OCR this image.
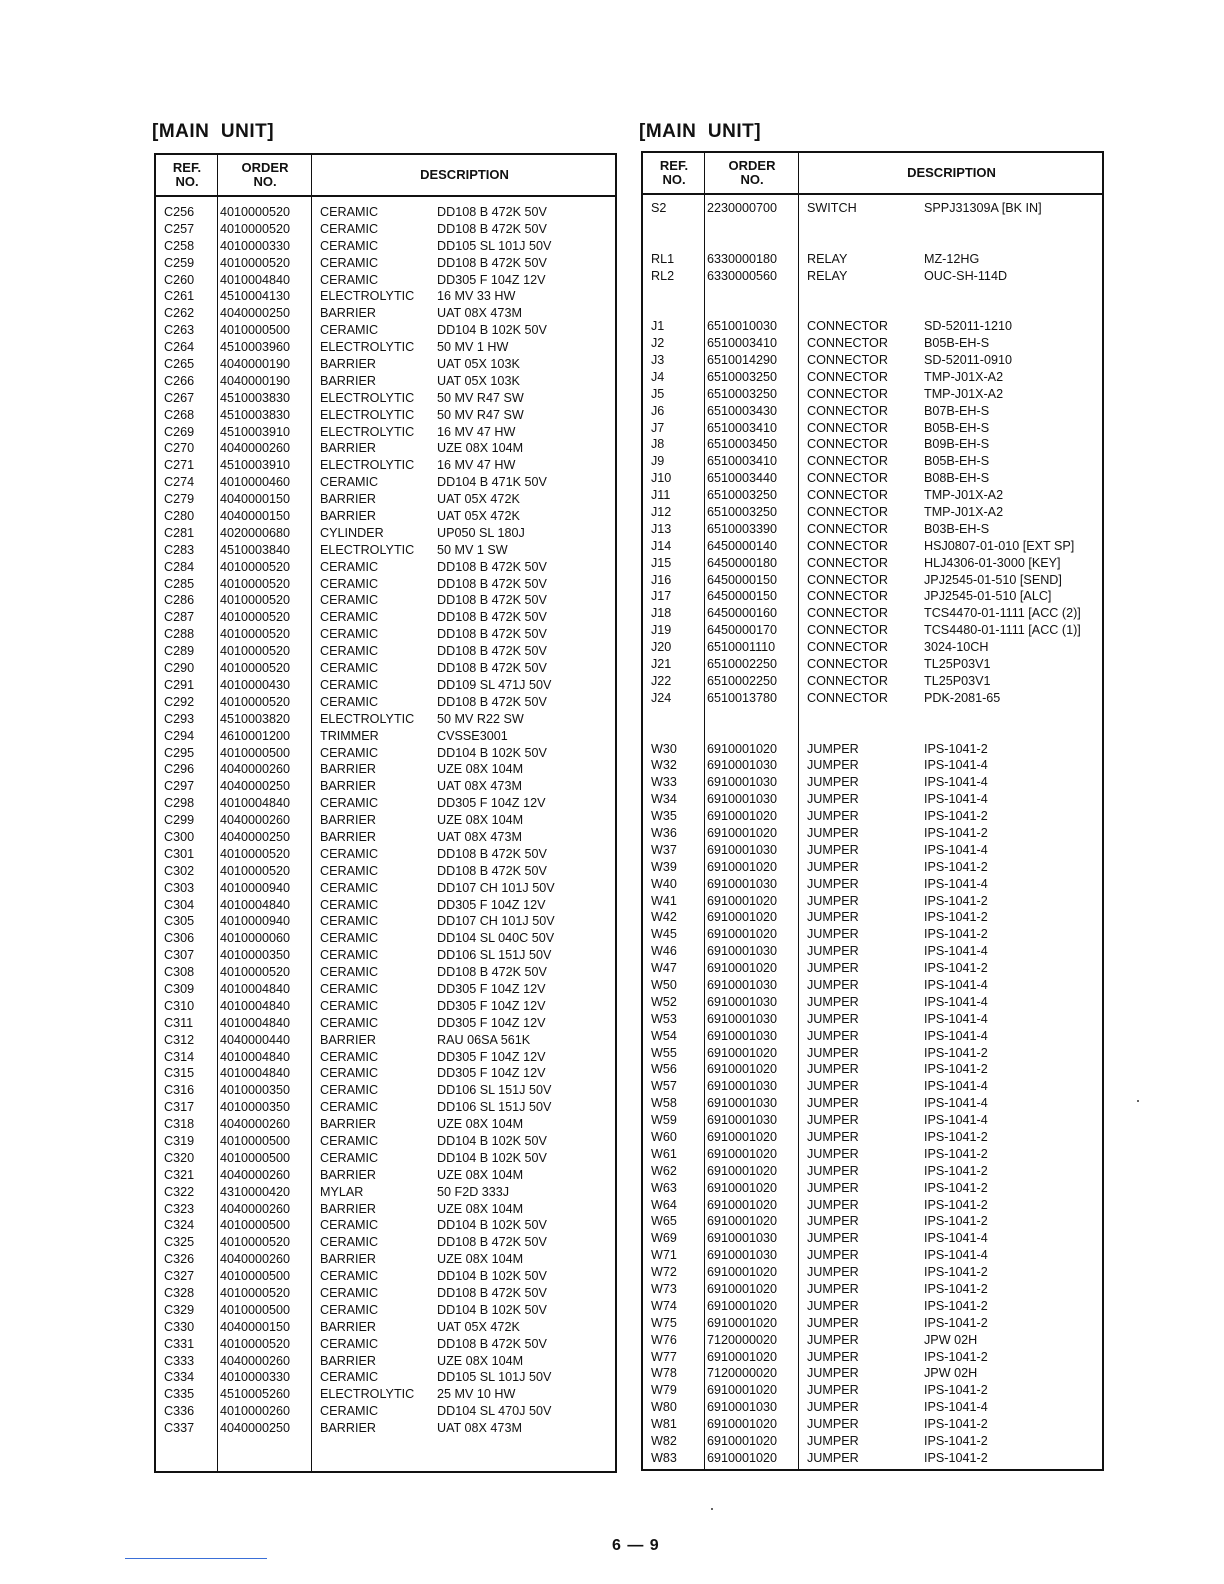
[MAIN  UNIT]
REF.
NO.
ORDER
NO.	DESCRIPTION
C256 4010000520 CERAMIC	DD108 B 472K 50V
C257 4010000520 CERAMIC	DD108 B 472K 50V
C258 4010000330 CERAMIC	DD105 SL 101J 50V
C259 4010000520 CERAMIC	DD108 B 472K 50V
C260 4010004840 CERAMIC	DD305 F 104Z 12V
C261 4510004130 ELECTROLYTIC 16 MV 33 HW
C262 4040000250 BARRIER	UAT 08X 473M
C263 4010000500 CERAMIC	DD104 B 102K 50V
C264 4510003960 ELECTROLYTIC 50 MV 1 HW
C265 4040000190 BARRIER	UAT 05X 103K
C266 4040000190 BARRIER	UAT 05X 103K
C267 4510003830 ELECTROLYTIC 50 MV R47 SW
C268 4510003830 ELECTROLYTIC 50 MV R47 SW
C269 4510003910 ELECTROLYTIC 16 MV 47 HW
C270 4040000260 BARRIER	UZE 08X 104M
C271 4510003910 ELECTROLYTIC 16 MV 47 HW
C274 4010000460 CERAMIC	DD104 B 471K 50V
C279 4040000150 BARRIER	UAT 05X 472K
C280 4040000150 BARRIER	UAT 05X 472K
C281 4020000680 CYLINDER	UP050 SL 180J
C283 4510003840 ELECTROLYTIC 50 MV 1 SW
C284 4010000520 CERAMIC	DD108 B 472K 50V
C285 4010000520 CERAMIC	DD108 B 472K 50V
C286 4010000520 CERAMIC	DD108 B 472K 50V
C287 4010000520 CERAMIC	DD108 B 472K 50V
C288 4010000520 CERAMIC	DD108 B 472K 50V
C289 4010000520 CERAMIC	DD108 B 472K 50V
C290 4010000520 CERAMIC	DD108 B 472K 50V
C291 4010000430 CERAMIC	DD109 SL 471J 50V
C292 4010000520 CERAMIC	DD108 B 472K 50V
C293 4510003820 ELECTROLYTIC 50 MV R22 SW
C294 4610001200 TRIMMER	CVSSE3001
C295 4010000500 CERAMIC	DD104 B 102K 50V
C296 4040000260 BARRIER	UZE 08X 104M
C297 4040000250 BARRIER	UAT 08X 473M
C298 4010004840 CERAMIC	DD305 F 104Z 12V
C299 4040000260 BARRIER	UZE 08X 104M
C300 4040000250 BARRIER	UAT 08X 473M
C301 4010000520 CERAMIC	DD108 B 472K 50V
C302 4010000520 CERAMIC	DD108 B 472K 50V
C303 4010000940 CERAMIC	DD107 CH 101J 50V
C304 4010004840 CERAMIC	DD305 F 104Z 12V
C305 4010000940 CERAMIC	DD107 CH 101J 50V
C306 4010000060 CERAMIC	DD104 SL 040C 50V
C307 4010000350 CERAMIC	DD106 SL 151J 50V
C308 4010000520 CERAMIC	DD108 B 472K 50V
C309 4010004840 CERAMIC	DD305 F 104Z 12V
C310 4010004840 CERAMIC	DD305 F 104Z 12V
C311 4010004840 CERAMIC	DD305 F 104Z 12V
C312 4040000440 BARRIER	RAU 06SA 561K
C314 4010004840 CERAMIC	DD305 F 104Z 12V
C315 4010004840 CERAMIC	DD305 F 104Z 12V
C316 4010000350 CERAMIC	DD106 SL 151J 50V
C317 4010000350 CERAMIC	DD106 SL 151J 50V
C318 4040000260 BARRIER	UZE 08X 104M
C319 4010000500 CERAMIC	DD104 B 102K 50V
C320 4010000500 CERAMIC	DD104 B 102K 50V
C321 4040000260 BARRIER	UZE 08X 104M
C322 4310000420 MYLAR	50 F2D 333J
C323 4040000260 BARRIER	UZE 08X 104M
C324 4010000500 CERAMIC	DD104 B 102K 50V
C325 4010000520 CERAMIC	DD108 B 472K 50V
C326 4040000260 BARRIER	UZE 08X 104M
C327 4010000500 CERAMIC	DD104 B 102K 50V
C328 4010000520 CERAMIC	DD108 B 472K 50V
C329 4010000500 CERAMIC	DD104 B 102K 50V
C330 4040000150 BARRIER	UAT 05X 472K
C331 4010000520 CERAMIC	DD108 B 472K 50V
C333 4040000260 BARRIER	UZE 08X 104M
C334 4010000330 CERAMIC	DD105 SL 101J 50V
C335 4510005260 ELECTROLYTIC 25 MV 10 HW
C336 4010000260 CERAMIC	DD104 SL 470J 50V
C337 4040000250 BARRIER	UAT 08X 473M
[MAIN  UNIT]
REF.
NO.
ORDER
NO.	DESCRIPTION
S2	2230000700 SWITCH	SPPJ31309A [BK IN]
RL1	6330000180 RELAY	MZ-12HG
RL2	6330000560 RELAY	OUC-SH-114D
J1	6510010030 CONNECTOR	SD-52011-1210
J2	6510003410 CONNECTOR	B05B-EH-S
J3	6510014290 CONNECTOR	SD-52011-0910
J4	6510003250 CONNECTOR	TMP-J01X-A2
J5	6510003250 CONNECTOR	TMP-J01X-A2
J6	6510003430 CONNECTOR	B07B-EH-S
J7	6510003410 CONNECTOR	B05B-EH-S
J8	6510003450 CONNECTOR	B09B-EH-S
J9	6510003410 CONNECTOR	B05B-EH-S
J10	6510003440 CONNECTOR	B08B-EH-S
J11	6510003250 CONNECTOR	TMP-J01X-A2
J12	6510003250 CONNECTOR	TMP-J01X-A2
J13	6510003390 CONNECTOR	B03B-EH-S
J14	6450000140 CONNECTOR	HSJ0807-01-010 [EXT SP]
J15	6450000180 CONNECTOR	HLJ4306-01-3000 [KEY]
J16	6450000150 CONNECTOR	JPJ2545-01-510 [SEND]
J17	6450000150 CONNECTOR	JPJ2545-01-510 [ALC]
J18	6450000160 CONNECTOR	TCS4470-01-1111 [ACC (2)]
J19	6450000170 CONNECTOR	TCS4480-01-1111 [ACC (1)]
J20	6510001110	CONNECTOR	3024-10CH
J21	6510002250 CONNECTOR	TL25P03V1
J22	6510002250 CONNECTOR	TL25P03V1
J24	6510013780 CONNECTOR	PDK-2081-65
W30 6910001020 JUMPER	IPS-1041-2
W32 6910001030 JUMPER	IPS-1041-4
W33 6910001030 JUMPER	IPS-1041-4
W34 6910001030 JUMPER	IPS-1041-4
W35 6910001020 JUMPER	IPS-1041-2
W36 6910001020 JUMPER	IPS-1041-2
W37 6910001030 JUMPER	IPS-1041-4
W39 6910001020 JUMPER	IPS-1041-2
W40 6910001030 JUMPER	IPS-1041-4
W41 6910001020 JUMPER	IPS-1041-2
W42 6910001020 JUMPER	IPS-1041-2
W45 6910001020 JUMPER	IPS-1041-2
W46 6910001030 JUMPER	IPS-1041-4
W47 6910001020 JUMPER	IPS-1041-2
W50 6910001030 JUMPER	IPS-1041-4
W52 6910001030 JUMPER	IPS-1041-4
W53 6910001030 JUMPER	IPS-1041-4
W54 6910001030 JUMPER	IPS-1041-4
W55 6910001020 JUMPER	IPS-1041-2
W56 6910001020 JUMPER	IPS-1041-2
W57 6910001030 JUMPER	IPS-1041-4
W58 6910001030 JUMPER	IPS-1041-4
W59 6910001030 JUMPER	IPS-1041-4
W60 6910001020 JUMPER	IPS-1041-2
W61 6910001020 JUMPER	IPS-1041-2
W62 6910001020 JUMPER	IPS-1041-2
W63 6910001020 JUMPER	IPS-1041-2
W64 6910001020 JUMPER	IPS-1041-2
W65 6910001020 JUMPER	IPS-1041-2
W69 6910001030 JUMPER	IPS-1041-4
W71 6910001030 JUMPER	IPS-1041-4
W72 6910001020 JUMPER	IPS-1041-2
W73 6910001020 JUMPER	IPS-1041-2
W74 6910001020 JUMPER	IPS-1041-2
W75 6910001020 JUMPER	IPS-1041-2
W76 7120000020 JUMPER	JPW 02H
W77 6910001020 JUMPER	IPS-1041-2
W78 7120000020 JUMPER	JPW 02H
W79 6910001020 JUMPER	IPS-1041-2
W80 6910001030 JUMPER	IPS-1041-4
W81 6910001020 JUMPER	IPS-1041-2
W82 6910001020 JUMPER	IPS-1041-2
W83 6910001020 JUMPER	IPS-1041-2
6 — 9
